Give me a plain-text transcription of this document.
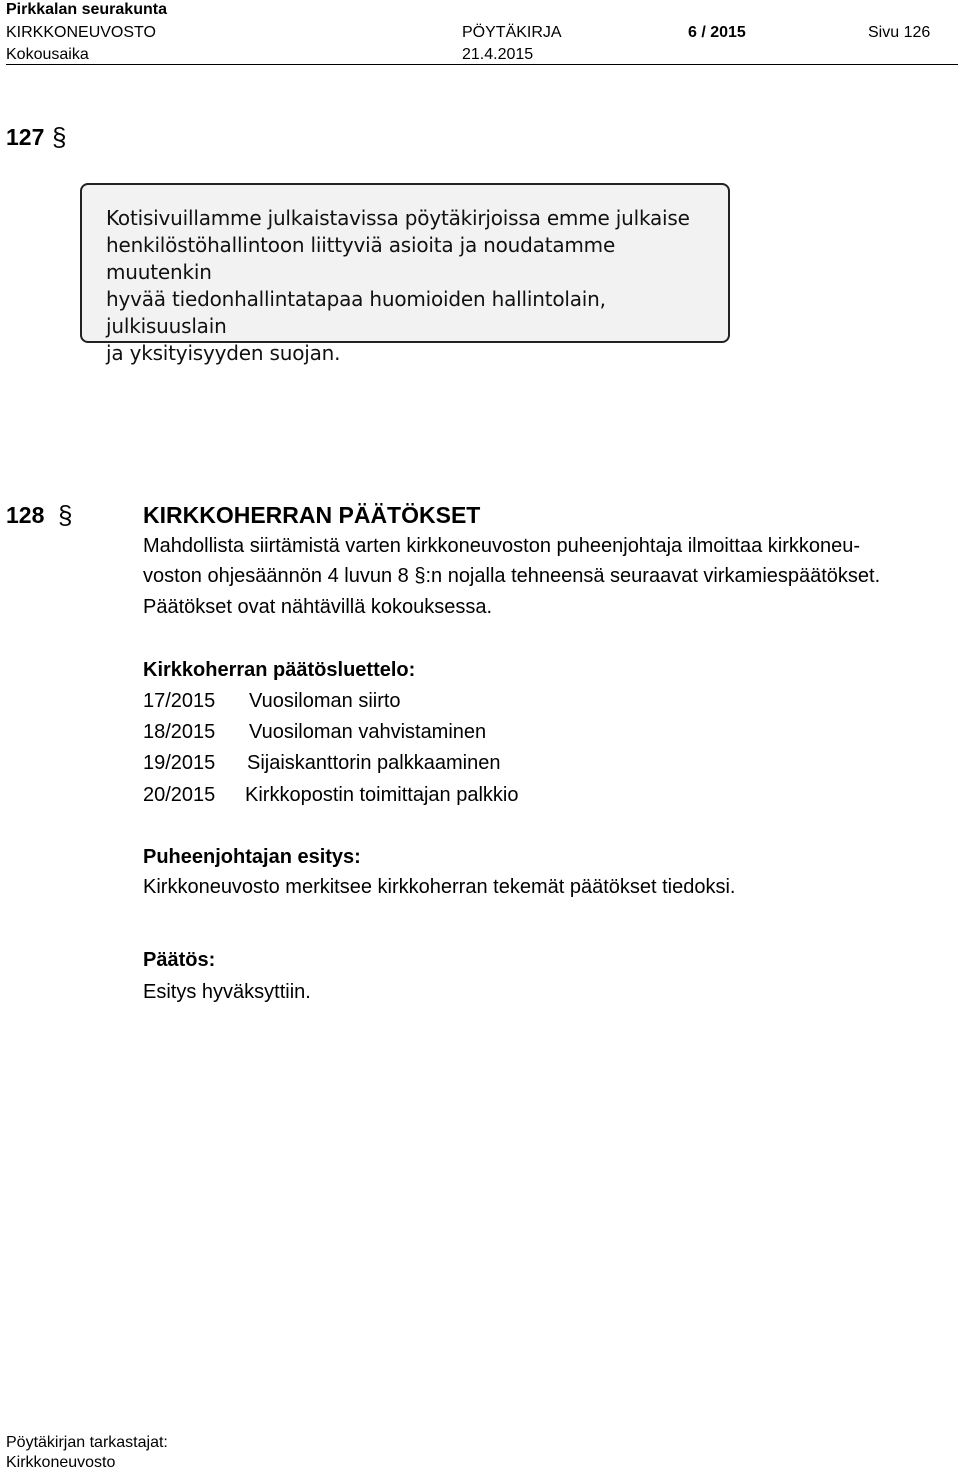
Pirkkalan seurakunta
KIRKKONEUVOSTO	PÖYTÄKIRJA	6 / 2015	Sivu 126
Kokousaika	21.4.2015
127 §

Kotisivuillamme julkaistavissa pöytäkirjoissa emme julkaise

henkilöstöhallintoon liittyviä asioita ja noudatamme muutenkin

hyvää tiedonhallintatapaa huomioiden hallintolain, julkisuuslain

ja yksityisyyden suojan.

128 §	KIRKKOHERRAN PÄÄTÖKSET
Mahdollista siirtämistä varten kirkkoneuvoston puheenjohtaja ilmoittaa kirkkoneu-
voston ohjesäännön 4 luvun 8 §:n nojalla tehneensä seuraavat virkamiespäätökset.
Päätökset ovat nähtävillä kokouksessa.
Kirkkoherran päätösluettelo:
17/2015	Vuosiloman siirto
18/2015	Vuosiloman vahvistaminen
19/2015	Sijaiskanttorin palkkaaminen
20/2015	Kirkkopostin toimittajan palkkio
Puheenjohtajan esitys:
Kirkkoneuvosto merkitsee kirkkoherran tekemät päätökset tiedoksi.
Päätös:
Esitys hyväksyttiin.
Pöytäkirjan tarkastajat:
Kirkkoneuvosto
